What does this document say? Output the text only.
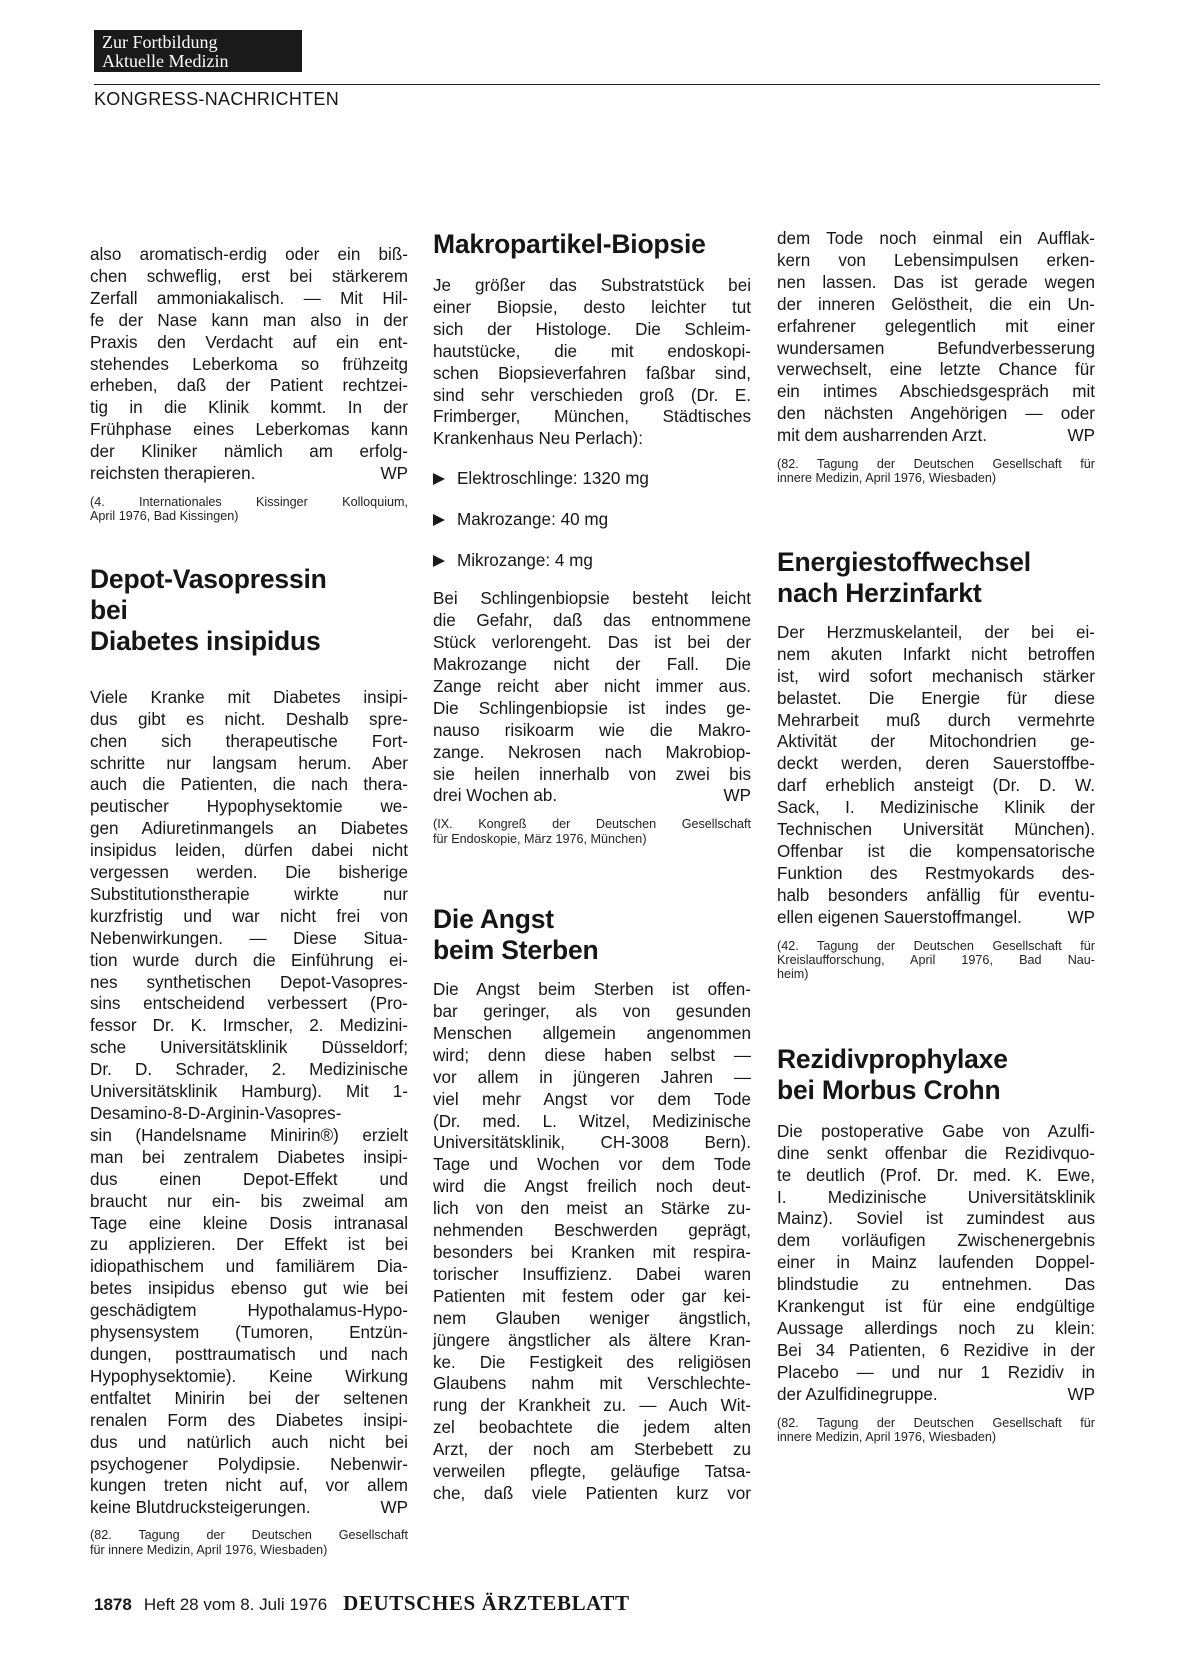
Zur Fortbildung
Aktuelle Medizin
KONGRESS-NACHRICHTEN
also aromatisch-erdig oder ein biß-
chen schweflig, erst bei stärkerem
Zerfall ammoniakalisch. — Mit Hil-
fe der Nase kann man also in der
Praxis den Verdacht auf ein ent-
stehendes Leberkoma so frühzeitg
erheben, daß der Patient rechtzei-
tig in die Klinik kommt. In der
Frühphase eines Leberkomas kann
der Kliniker nämlich am erfolg-
reichsten therapieren.	WP
(4. Internationales Kissinger Kolloquium,
April 1976, Bad Kissingen)
Depot-Vasopressin
bei
Diabetes insipidus
Viele Kranke mit Diabetes insipi-
dus gibt es nicht. Deshalb spre-
chen sich therapeutische Fort-
schritte nur langsam herum. Aber
auch die Patienten, die nach thera-
peutischer Hypophysektomie we-
gen Adiuretinmangels an Diabetes
insipidus leiden, dürfen dabei nicht
vergessen werden. Die bisherige
Substitutionstherapie wirkte nur
kurzfristig und war nicht frei von
Nebenwirkungen. — Diese Situa-
tion wurde durch die Einführung ei-
nes synthetischen Depot-Vasopres-
sins entscheidend verbessert (Pro-
fessor Dr. K. Irmscher, 2. Medizini-
sche Universitätsklinik Düsseldorf;
Dr. D. Schrader, 2. Medizinische
Universitätsklinik Hamburg). Mit 1-
Desamino-8-D-Arginin-Vasopres-
sin (Handelsname Minirin®) erzielt
man bei zentralem Diabetes insipi-
dus einen Depot-Effekt und
braucht nur ein- bis zweimal am
Tage eine kleine Dosis intranasal
zu applizieren. Der Effekt ist bei
idiopathischem und familiärem Dia-
betes insipidus ebenso gut wie bei
geschädigtem Hypothalamus-Hypo-
physensystem (Tumoren, Entzün-
dungen, posttraumatisch und nach
Hypophysektomie). Keine Wirkung
entfaltet Minirin bei der seltenen
renalen Form des Diabetes insipi-
dus und natürlich auch nicht bei
psychogener Polydipsie. Nebenwir-
kungen treten nicht auf, vor allem
keine Blutdrucksteigerungen.	WP
(82. Tagung der Deutschen Gesellschaft
für innere Medizin, April 1976, Wiesbaden)
Makropartikel-Biopsie
Je größer das Substratstück bei
einer Biopsie, desto leichter tut
sich der Histologe. Die Schleim-
hautstücke, die mit endoskopi-
schen Biopsieverfahren faßbar sind,
sind sehr verschieden groß (Dr. E.
Frimberger, München, Städtisches
Krankenhaus Neu Perlach):
Elektroschlinge: 1320 mg
Makrozange: 40 mg
Mikrozange: 4 mg
Bei Schlingenbiopsie besteht leicht
die Gefahr, daß das entnommene
Stück verlorengeht. Das ist bei der
Makrozange nicht der Fall. Die
Zange reicht aber nicht immer aus.
Die Schlingenbiopsie ist indes ge-
nauso risikoarm wie die Makro-
zange. Nekrosen nach Makrobiop-
sie heilen innerhalb von zwei bis
drei Wochen ab.	WP
(IX. Kongreß der Deutschen Gesellschaft
für Endoskopie, März 1976, München)
Die Angst
beim Sterben
Die Angst beim Sterben ist offen-
bar geringer, als von gesunden
Menschen allgemein angenommen
wird; denn diese haben selbst —
vor allem in jüngeren Jahren —
viel mehr Angst vor dem Tode
(Dr. med. L. Witzel, Medizinische
Universitätsklinik, CH-3008 Bern).
Tage und Wochen vor dem Tode
wird die Angst freilich noch deut-
lich von den meist an Stärke zu-
nehmenden Beschwerden geprägt,
besonders bei Kranken mit respira-
torischer Insuffizienz. Dabei waren
Patienten mit festem oder gar kei-
nem Glauben weniger ängstlich,
jüngere ängstlicher als ältere Kran-
ke. Die Festigkeit des religiösen
Glaubens nahm mit Verschlechte-
rung der Krankheit zu. — Auch Wit-
zel beobachtete die jedem alten
Arzt, der noch am Sterbebett zu
verweilen pflegte, geläufige Tatsa-
che, daß viele Patienten kurz vor
dem Tode noch einmal ein Aufflak-
kern von Lebensimpulsen erken-
nen lassen. Das ist gerade wegen
der inneren Gelöstheit, die ein Un-
erfahrener gelegentlich mit einer
wundersamen Befundverbesserung
verwechselt, eine letzte Chance für
ein intimes Abschiedsgespräch mit
den nächsten Angehörigen — oder
mit dem ausharrenden Arzt.	WP
(82. Tagung der Deutschen Gesellschaft für
innere Medizin, April 1976, Wiesbaden)
Energiestoffwechsel
nach Herzinfarkt
Der Herzmuskelanteil, der bei ei-
nem akuten Infarkt nicht betroffen
ist, wird sofort mechanisch stärker
belastet. Die Energie für diese
Mehrarbeit muß durch vermehrte
Aktivität der Mitochondrien ge-
deckt werden, deren Sauerstoffbe-
darf erheblich ansteigt (Dr. D. W.
Sack, I. Medizinische Klinik der
Technischen Universität München).
Offenbar ist die kompensatorische
Funktion des Restmyokards des-
halb besonders anfällig für eventu-
ellen eigenen Sauerstoffmangel.	WP
(42. Tagung der Deutschen Gesellschaft für
Kreislaufforschung, April 1976, Bad Nau-
heim)
Rezidivprophylaxe
bei Morbus Crohn
Die postoperative Gabe von Azulfi-
dine senkt offenbar die Rezidivquo-
te deutlich (Prof. Dr. med. K. Ewe,
I. Medizinische Universitätsklinik
Mainz). Soviel ist zumindest aus
dem vorläufigen Zwischenergebnis
einer in Mainz laufenden Doppel-
blindstudie zu entnehmen. Das
Krankengut ist für eine endgültige
Aussage allerdings noch zu klein:
Bei 34 Patienten, 6 Rezidive in der
Placebo — und nur 1 Rezidiv in
der Azulfidinegruppe.	WP
(82. Tagung der Deutschen Gesellschaft für
innere Medizin, April 1976, Wiesbaden)
1878 Heft 28 vom 8. Juli 1976 DEUTSCHES ÄRZTEBLATT
